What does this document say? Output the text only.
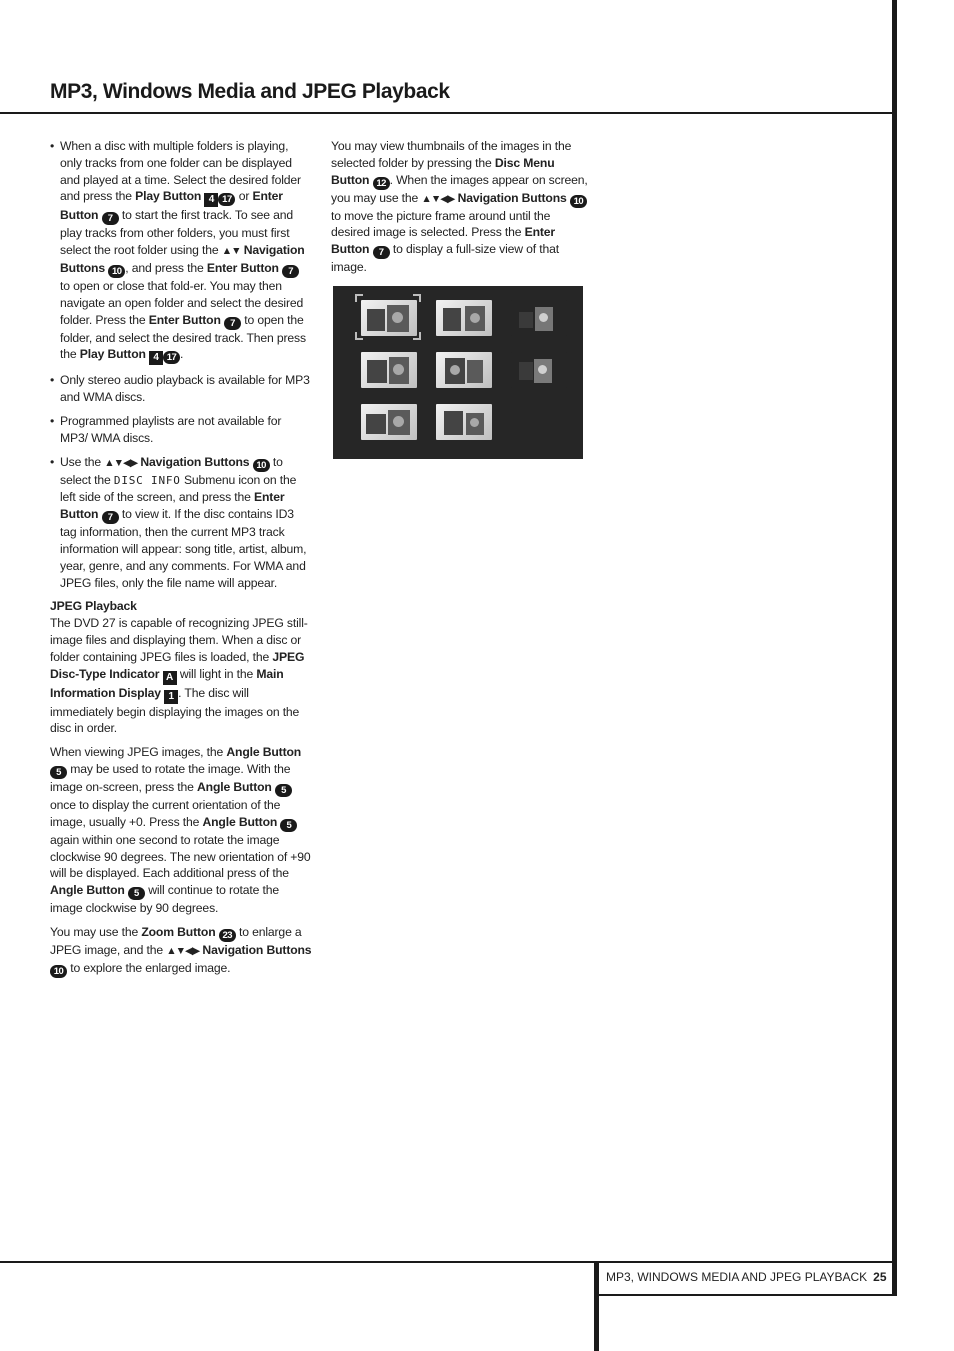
MP3, Windows Media and JPEG Playback
• When a disc with multiple folders is playing, only tracks from one folder can be displayed and played at a time. Select the desired folder and press the Play Button 4 17 or Enter Button 7 to start the first track. To see and play tracks from other folders, you must first select the root folder using the ▲▼ Navigation Buttons 10 , and press the Enter Button 7 to open or close that fold-er. You may then navigate an open folder and select the desired folder. Press the Enter Button 7 to open the folder, and select the desired track. Then press the Play Button 4 17 .
• Only stereo audio playback is available for MP3 and WMA discs.
• Programmed playlists are not available for MP3/ WMA discs.
• Use the ▲▼◀▶ Navigation Buttons 10 to select the DISC INFO Submenu icon on the left side of the screen, and press the Enter Button 7 to view it. If the disc contains ID3 tag information, then the current MP3 track information will appear: song title, artist, album, year, genre, and any comments. For WMA and JPEG files, only the file name will appear.
JPEG Playback
The DVD 27 is capable of recognizing JPEG still-image files and displaying them. When a disc or folder containing JPEG files is loaded, the JPEG Disc-Type Indicator A will light in the Main Information Display 1 . The disc will immediately begin displaying the images on the disc in order.
When viewing JPEG images, the Angle Button 5 may be used to rotate the image. With the image on-screen, press the Angle Button 5 once to display the current orientation of the image, usually +0. Press the Angle Button 5 again within one second to rotate the image clockwise 90 degrees. The new orientation of +90 will be displayed. Each additional press of the Angle Button 5 will continue to rotate the image clockwise by 90 degrees.
You may use the Zoom Button 23 to enlarge a JPEG image, and the ▲▼◀▶ Navigation Buttons 10 to explore the enlarged image.
You may view thumbnails of the images in the selected folder by pressing the Disc Menu Button 12 . When the images appear on screen, you may use the ▲▼◀▶ Navigation Buttons 10 to move the picture frame around until the desired image is selected. Press the Enter Button 7 to display a full-size view of that image.
MP3, WINDOWS MEDIA AND JPEG PLAYBACK 25
